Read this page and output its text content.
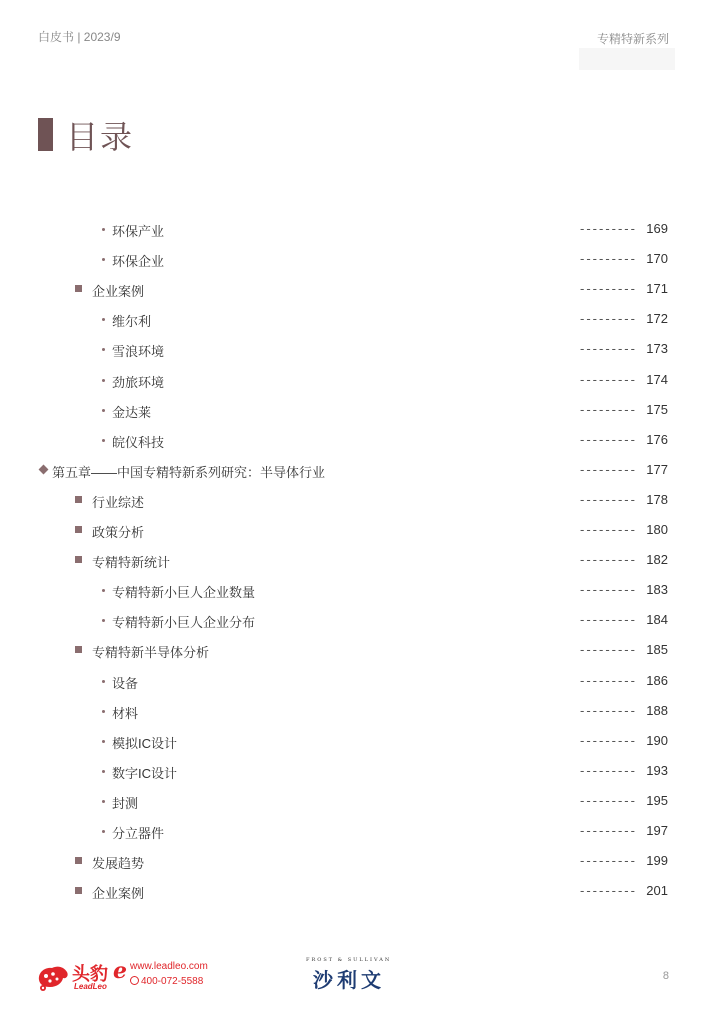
白皮书 | 2023/9	专精特新系列
目录
环保产业	--------- 169
环保企业	--------- 170
企业案例	--------- 171
维尔利	--------- 172
雪浪环境	--------- 173
劲旅环境	--------- 174
金达莱	--------- 175
皖仪科技	--------- 176
第五章——中国专精特新系列研究：半导体行业	--------- 177
行业综述	--------- 178
政策分析	--------- 180
专精特新统计	--------- 182
专精特新小巨人企业数量	--------- 183
专精特新小巨人企业分布	--------- 184
专精特新半导体分析	--------- 185
设备	--------- 186
材料	--------- 188
模拟IC设计	--------- 190
数字IC设计	--------- 193
封测	--------- 195
分立器件	--------- 197
发展趋势	--------- 199
企业案例	--------- 201
头豹 e
LeadLeo
www.leadleo.com
400-072-5588
FROST & SULLIVAN
沙利文	8
